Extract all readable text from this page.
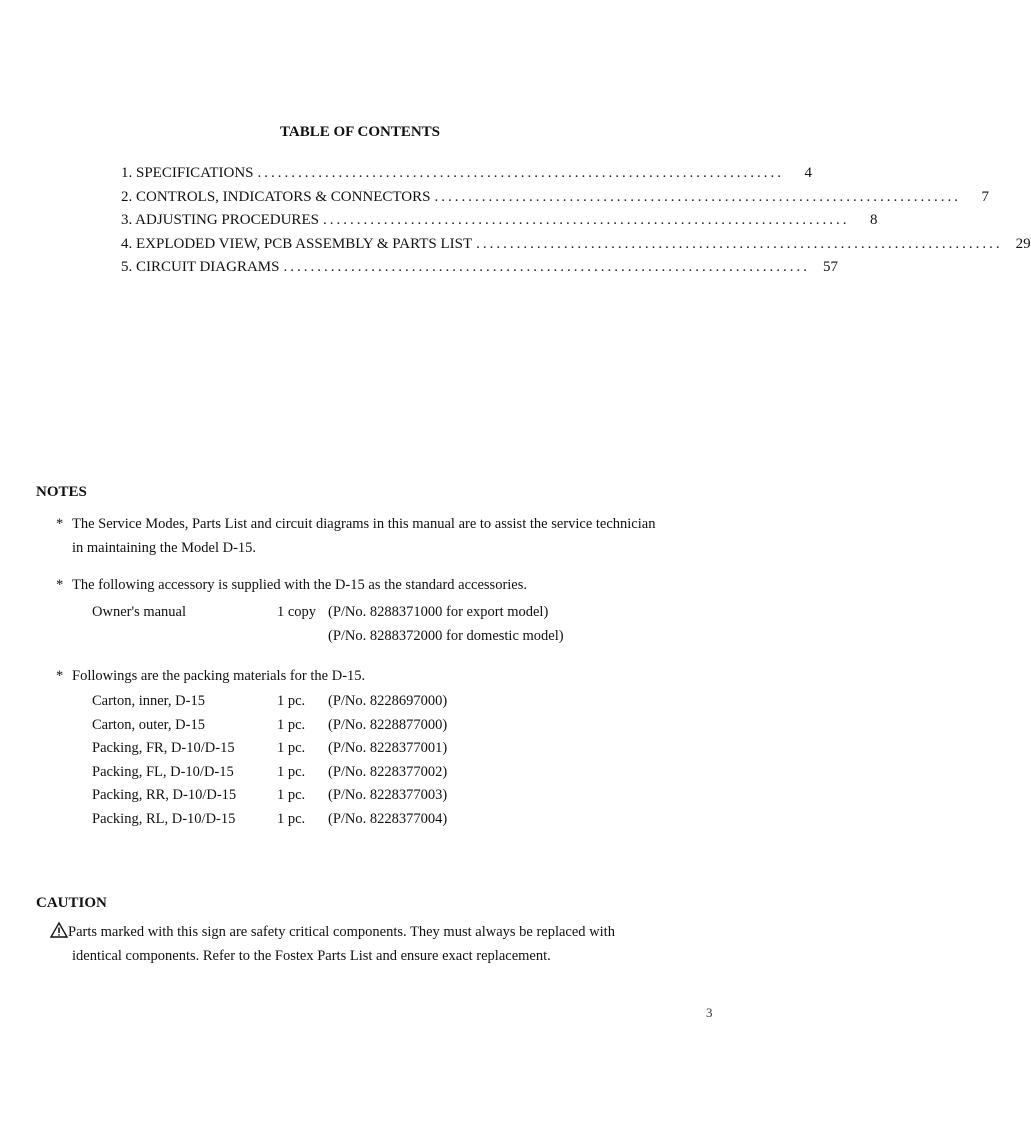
TABLE OF CONTENTS
1. SPECIFICATIONS ..............................................................................	4
2. CONTROLS, INDICATORS & CONNECTORS ..............................................................................	7
3. ADJUSTING PROCEDURES ..............................................................................	8
4. EXPLODED VIEW, PCB ASSEMBLY & PARTS LIST .............................................................................. 29
5. CIRCUIT DIAGRAMS .............................................................................. 57
NOTES
* The Service Modes, Parts List and circuit diagrams in this manual are to assist the service technician
in maintaining the Model D-15.
* The following accessory is supplied with the D-15 as the standard accessories.
Owner's manual	1 copy (P/No. 8288371000 for export model)
(P/No. 8288372000 for domestic model)
* Followings are the packing materials for the D-15.
Carton, inner, D-15	1 pc. (P/No. 8228697000)
Carton, outer, D-15	1 pc. (P/No. 8228877000)
Packing, FR, D-10/D-15	1 pc. (P/No. 8228377001)
Packing, FL, D-10/D-15	1 pc. (P/No. 8228377002)
Packing, RR, D-10/D-15	1 pc. (P/No. 8228377003)
Packing, RL, D-10/D-15	1 pc. (P/No. 8228377004)
CAUTION
Parts marked with this sign are safety critical components. They must always be replaced with
identical components. Refer to the Fostex Parts List and ensure exact replacement.
3
